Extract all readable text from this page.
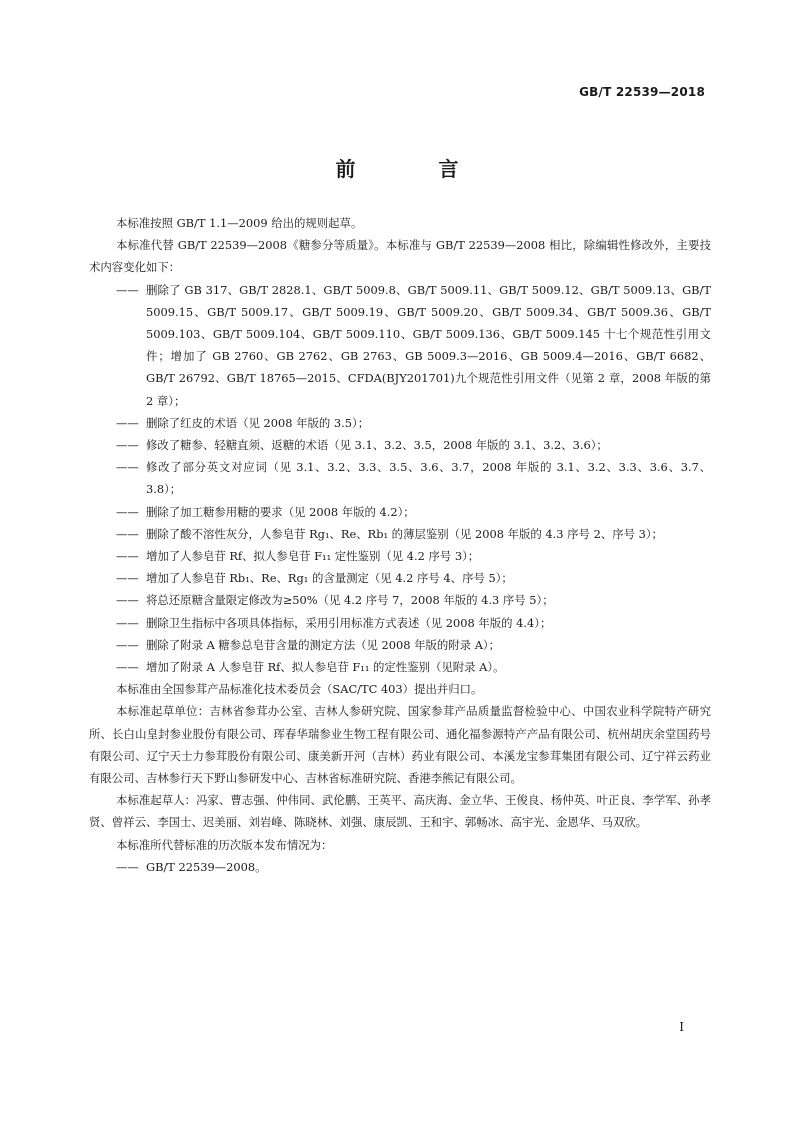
GB/T 22539—2018
前 言

本标准按照 GB/T 1.1—2009 给出的规则起草。

本标准代替 GB/T 22539—2008《糖参分等质量》。本标准与 GB/T 22539—2008 相比，除编辑性修改外，主要技术内容变化如下：

—— 删除了 GB 317、GB/T 2828.1、GB/T 5009.8、GB/T 5009.11、GB/T 5009.12、GB/T 5009.13、GB/T 5009.15、GB/T 5009.17、GB/T 5009.19、GB/T 5009.20、GB/T 5009.34、GB/T 5009.36、GB/T 5009.103、GB/T 5009.104、GB/T 5009.110、GB/T 5009.136、GB/T 5009.145 十七个规范性引用文件；增加了 GB 2760、GB 2762、GB 2763、GB 5009.3—2016、GB 5009.4—2016、GB/T 6682、GB/T 26792、GB/T 18765—2015、CFDA(BJY201701)九个规范性引用文件（见第 2 章，2008 年版的第 2 章）；
—— 删除了红皮的术语（见 2008 年版的 3.5）；
—— 修改了糖参、轻糖直须、返糖的术语（见 3.1、3.2、3.5，2008 年版的 3.1、3.2、3.6）；
—— 修改了部分英文对应词（见 3.1、3.2、3.3、3.5、3.6、3.7，2008 年版的 3.1、3.2、3.3、3.6、3.7、3.8）；
—— 删除了加工糖参用糖的要求（见 2008 年版的 4.2）；
—— 删除了酸不溶性灰分，人参皂苷 Rg₁、Re、Rb₁ 的薄层鉴别（见 2008 年版的 4.3 序号 2、序号 3）；
—— 增加了人参皂苷 Rf、拟人参皂苷 F₁₁ 定性鉴别（见 4.2 序号 3）；
—— 增加了人参皂苷 Rb₁、Re、Rg₁ 的含量测定（见 4.2 序号 4、序号 5）；
—— 将总还原糖含量限定修改为≥50%（见 4.2 序号 7，2008 年版的 4.3 序号 5）；
—— 删除卫生指标中各项具体指标，采用引用标准方式表述（见 2008 年版的 4.4）；
—— 删除了附录 A 糖参总皂苷含量的测定方法（见 2008 年版的附录 A）；
—— 增加了附录 A 人参皂苷 Rf、拟人参皂苷 F₁₁ 的定性鉴别（见附录 A）。

本标准由全国参茸产品标准化技术委员会（SAC/TC 403）提出并归口。

本标准起草单位：吉林省参茸办公室、吉林人参研究院、国家参茸产品质量监督检验中心、中国农业科学院特产研究所、长白山皇封参业股份有限公司、珲春华瑞参业生物工程有限公司、通化福参源特产产品有限公司、杭州胡庆余堂国药号有限公司、辽宁天士力参茸股份有限公司、康美新开河（吉林）药业有限公司、本溪龙宝参茸集团有限公司、辽宁祥云药业有限公司、吉林参行天下野山参研发中心、吉林省标准研究院、香港李熊记有限公司。

本标准起草人：冯家、曹志强、仲伟同、武伦鹏、王英平、高庆海、金立华、王俊良、杨仲英、叶正良、李学军、孙孝贤、曾祥云、李国士、迟美丽、刘岩峰、陈晓林、刘强、康辰凯、王和宇、郭畅冰、高宇光、金恩华、马双欣。

本标准所代替标准的历次版本发布情况为：

—— GB/T 22539—2008。
I
